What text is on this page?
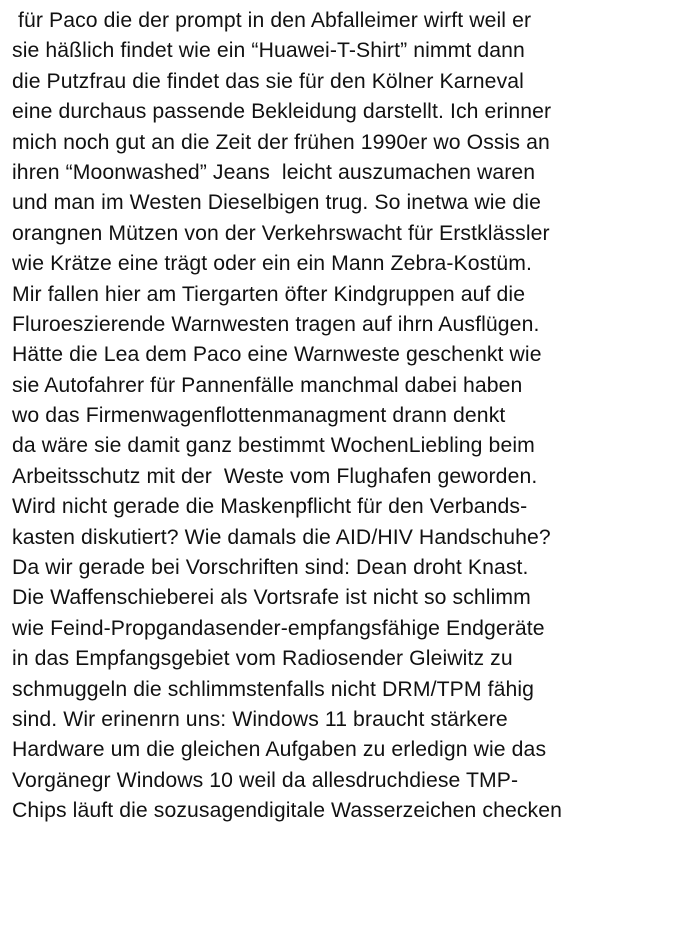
für Paco die der prompt in den Abfalleimer wirft weil er
sie häßlich findet wie ein “Huawei-T-Shirt” nimmt dann
die Putzfrau die findet das sie für den Kölner Karneval
eine durchaus passende Bekleidung darstellt. Ich erinner
mich noch gut an die Zeit der frühen 1990er wo Ossis an
ihren “Moonwashed” Jeans  leicht auszumachen waren
und man im Westen Dieselbigen trug. So inetwa wie die
orangnen Mützen von der Verkehrswacht für Erstklässler
wie Krätze eine trägt oder ein ein Mann Zebra-Kostüm.
Mir fallen hier am Tiergarten öfter Kindgruppen auf die
Fluroeszierende Warnwesten tragen auf ihrn Ausflügen.
Hätte die Lea dem Paco eine Warnweste geschenkt wie
sie Autofahrer für Pannenfälle manchmal dabei haben
wo das Firmenwagenflottenmanagment drann denkt
da wäre sie damit ganz bestimmt WochenLiebling beim
Arbeitsschutz mit der  Weste vom Flughafen geworden.
Wird nicht gerade die Maskenpflicht für den Verbands-
kasten diskutiert? Wie damals die AID/HIV Handschuhe?
Da wir gerade bei Vorschriften sind: Dean droht Knast.
Die Waffenschieberei als Vortsrafe ist nicht so schlimm
wie Feind-Propgandasender-empfangsfähige Endgeräte
in das Empfangsgebiet vom Radiosender Gleiwitz zu
schmuggeln die schlimmstenfalls nicht DRM/TPM fähig
sind. Wir erinenrn uns: Windows 11 braucht stärkere
Hardware um die gleichen Aufgaben zu erledign wie das
Vorgänegr Windows 10 weil da allesdruchdiese TMP-
Chips läuft die sozusagendigitale Wasserzeichen checken
